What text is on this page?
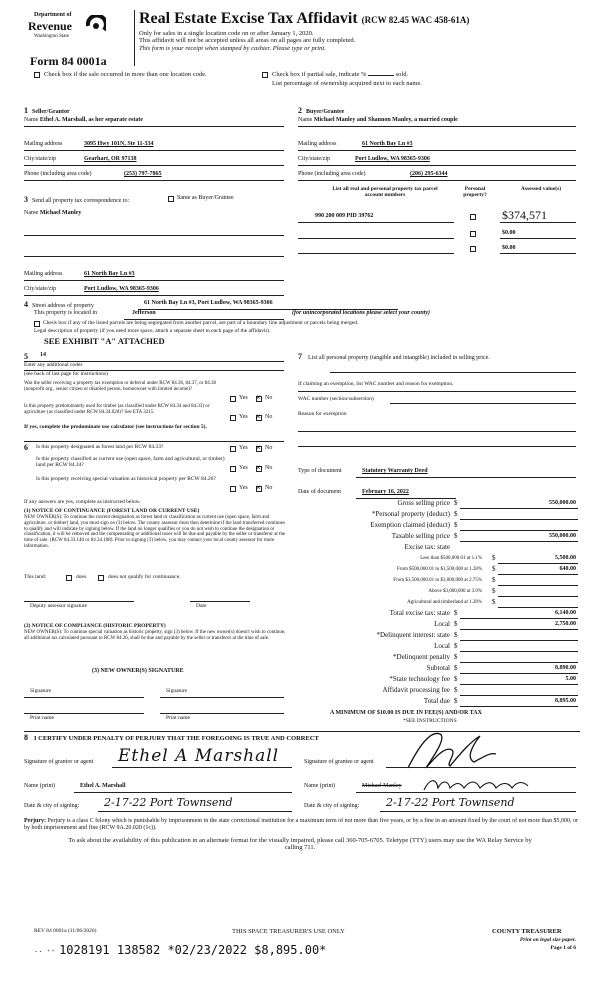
Department of
Revenue
Washington State
Form 84 0001a
Real Estate Excise Tax Affidavit (RCW 82.45 WAC 458-61A)
Only for sales in a single location code on or after January 1, 2020.
This affidavit will not be accepted unless all areas on all pages are fully completed.
This form is your receipt when stamped by cashier. Please type or print.
Check box if the sale occurred in more than one location code.	Check box if partial sale, indicate %	sold.
List percentage of ownership acquired next to each name.
1 Seller/Grantor
Name Ethel A. Marshall, as her separate estate
2 Buyer/Grantee
Name Michael Manley and Shannon Manley, a married couple
Mailing address	3095 Hwy 101N, Ste 11-334
City/state/zip	Gearhart, OR 97138
Phone (including area code)	(253) 797-7865
Mailing address	61 North Bay Ln #3
City/state/zip	Port Ludlow, WA 98365-9306
Phone (including area code)	(206) 295-6344
3 Send all property tax correspondence to:	Same as Buyer/Grantee
Name Michael Manley
Mailing address	61 North Bay Ln #3
City/state/zip	Port Ludlow, WA 98365-9306
List all real and personal property tax parcel account numbers
Personal property?
Assessed value(s)
990 200 009 PID 39762	$374,571
$0.00
$0.00
4 Street address of property	61 North Bay Ln #3, Port Ludlow, WA 98365-9306
This property is located in	Jefferson	(for unincorporated locations please select your county)
Check box if any of the listed parcels are being segregated from another parcel, are part of a boundary line adjustment or parcels being merged.
Legal description of property (if you need more space, attach a separate sheet to each page of the affidavit).
SEE EXHIBIT "A" ATTACHED
5 14
Enter any additional codes
(see back of last page for instructions)
Was the seller receiving a property tax exemption or deferral under RCW 84.36, 84.37, or 84.38 (nonprofit org., senior citizen or disabled person, homeowner with limited income)?
Yes ×	No
Is this property predominantly used for timber (as classified under RCW 84.34 and 84.33) or agriculture (as classified under RCW 84.34.020)? See ETA 3215.
Yes ×	No
If yes, complete the predominate use calculator (see instructions for section 5).
6 Is this property designated as forest land per RCW 84.33?	Yes ×	No
Is this property classified as current use (open space, farm and agricultural, or timber) land per RCW 84.34?	Yes ×	No
Is this property receiving special valuation as historical property per RCW 84.26?
Yes ×	No
If any answers are yes, complete as instructed below.
(1) NOTICE OF CONTINUANCE (FOREST LAND OR CURRENT USE)
NEW OWNER(S): To continue the current designation as forest land or classification as current use (open space, farm and agriculture, or timber) land, you must sign on (3) below. The county assessor must then determine if the land transferred continues to qualify and will indicate by signing below. If the land no longer qualifies or you do not wish to continue the designation or classification, it will be removed and the compensating or additional taxes will be due and payable by the seller or transferor at the time of sale. (RCW 84.33.140 or 84.34.108). Prior to signing (3) below, you may contact your local county assessor for more information.
This land:	does	does not qualify for continuance.
Deputy assessor signature	Date
(2) NOTICE OF COMPLIANCE (HISTORIC PROPERTY)
NEW OWNER(S): To continue special valuation as historic property, sign (3) below. If the new owner(s) doesn't wish to continue, all additional tax calculated pursuant to RCW 84.26, shall be due and payable by the seller or transferor at the time of sale.
(3) NEW OWNER(S) SIGNATURE
Signature	Signature
Print name	Print name
7 List all personal property (tangible and intangible) included in selling price.
If claiming an exemption, list WAC number and reason for exemption.
WAC number (section/subsection)
Reason for exemption
Type of document	Statutory Warranty Deed
Date of document	February 16, 2022
Gross selling price $	550,000.00
*Personal property (deduct) $
Exemption claimed (deduct) $
Taxable selling price $	550,000.00
Excise tax: state
Less than $500,000.01 at 1.1% $	5,500.00
From $500,000.01 to $1,500,000 at 1.28% $	640.00
From $1,500,000.01 to $3,000,000 at 2.75% $
Above $3,000,000 at 3.0% $
Agricultural and timberland at 1.28% $
Total excise tax: state $	6,140.00
Local $	2,750.00
*Delinquent interest: state $
Local $
*Delinquent penalty $
Subtotal $	8,890.00
*State technology fee $	5.00
Affidavit processing fee $
Total due $	8,895.00
A MINIMUM OF $10.00 IS DUE IN FEE(S) AND/OR TAX
*SEE INSTRUCTIONS
8 I CERTIFY UNDER PENALTY OF PERJURY THAT THE FOREGOING IS TRUE AND CORRECT
Signature of grantor or agent Ethel A Marshall	Signature of grantee or agent
Name (print)	Ethel A. Marshall	Name (print)	Michael Manley
Date & city of signing: 2-17-22 Port Townsend	Date & city of signing: 2-17-22 Port Townsend
Perjury: Perjury is a class C felony which is punishable by imprisonment in the state correctional institution for a maximum term of not more than five years, or by a fine in an amount fixed by the court of not more than $5,000, or by both imprisonment and fine (RCW 9A.20.020 (1c)).
To ask about the availability of this publication in an alternate format for the visually impaired, please call 360-705-6705. Teletype (TTY) users may use the WA Relay Service by calling 711.
REV 84 0001a (11/06/2020)	THIS SPACE TREASURER'S USE ONLY	COUNTY TREASURER
Print on legal size paper.
Page 1 of 6
⋅⋅ ⁺⁺ 1028191 138582 *02/23/2022 $8,895.00*
